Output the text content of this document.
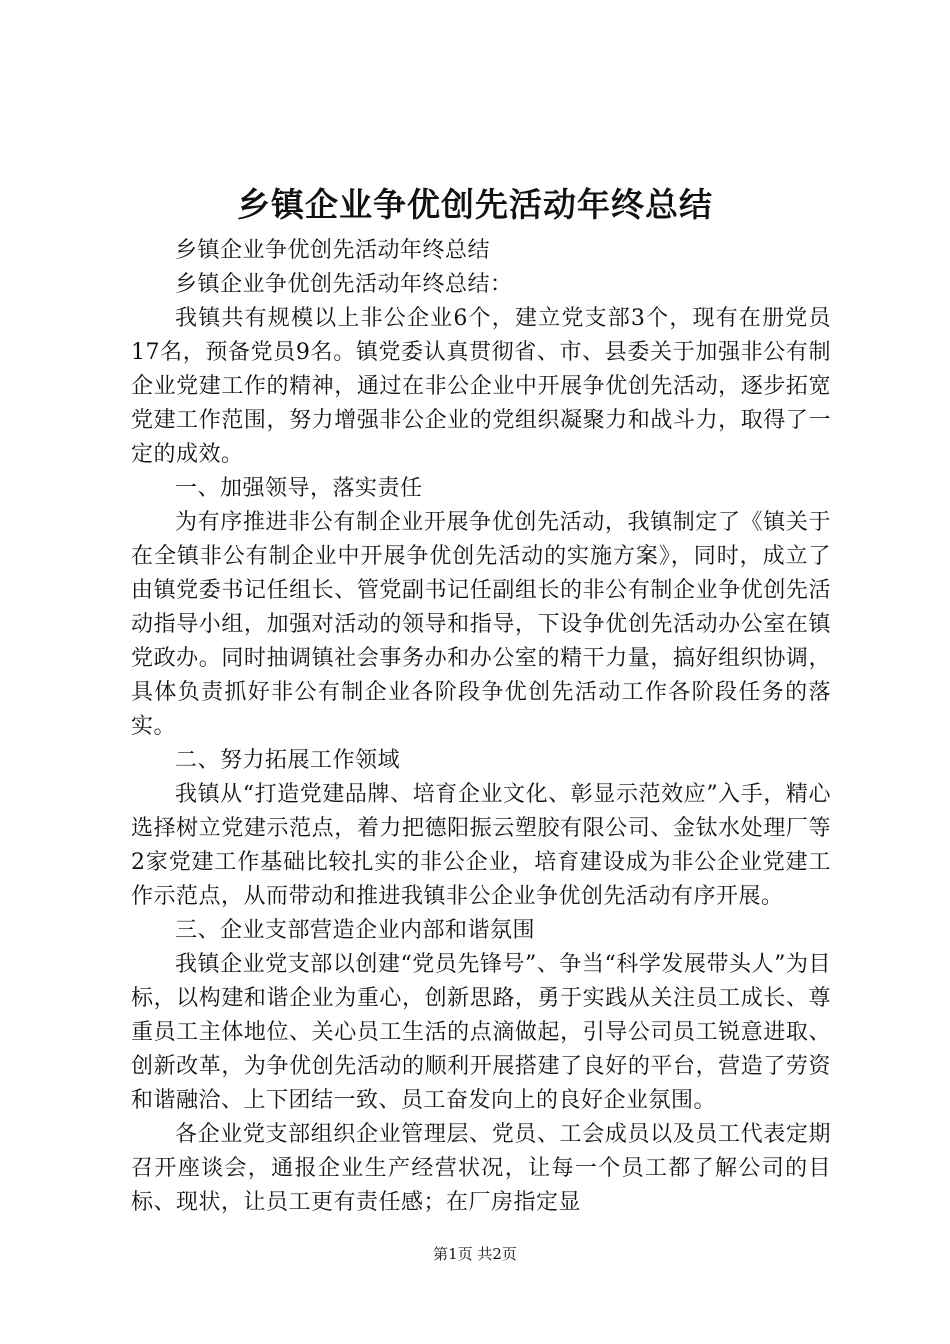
乡镇企业争优创先活动年终总结

乡镇企业争优创先活动年终总结

乡镇企业争优创先活动年终总结：

我镇共有规模以上非公企业6个，建立党支部3个，现有在册党员17名，预备党员9名。镇党委认真贯彻省、市、县委关于加强非公有制企业党建工作的精神，通过在非公企业中开展争优创先活动，逐步拓宽党建工作范围，努力增强非公企业的党组织凝聚力和战斗力，取得了一定的成效。

一、加强领导，落实责任

为有序推进非公有制企业开展争优创先活动，我镇制定了《镇关于在全镇非公有制企业中开展争优创先活动的实施方案》，同时，成立了由镇党委书记任组长、管党副书记任副组长的非公有制企业争优创先活动指导小组，加强对活动的领导和指导，下设争优创先活动办公室在镇党政办。同时抽调镇社会事务办和办公室的精干力量，搞好组织协调，具体负责抓好非公有制企业各阶段争优创先活动工作各阶段任务的落实。

二、努力拓展工作领域

我镇从“打造党建品牌、培育企业文化、彰显示范效应”入手，精心选择树立党建示范点，着力把德阳振云塑胶有限公司、金钛水处理厂等2家党建工作基础比较扎实的非公企业，培育建设成为非公企业党建工作示范点，从而带动和推进我镇非公企业争优创先活动有序开展。

三、企业支部营造企业内部和谐氛围

我镇企业党支部以创建“党员先锋号”、争当“科学发展带头人”为目标，以构建和谐企业为重心，创新思路，勇于实践从关注员工成长、尊重员工主体地位、关心员工生活的点滴做起，引导公司员工锐意进取、创新改革，为争优创先活动的顺利开展搭建了良好的平台，营造了劳资和谐融洽、上下团结一致、员工奋发向上的良好企业氛围。

各企业党支部组织企业管理层、党员、工会成员以及员工代表定期召开座谈会，通报企业生产经营状况，让每一个员工都了解公司的目标、现状，让员工更有责任感；在厂房指定显

第1页 共2页
